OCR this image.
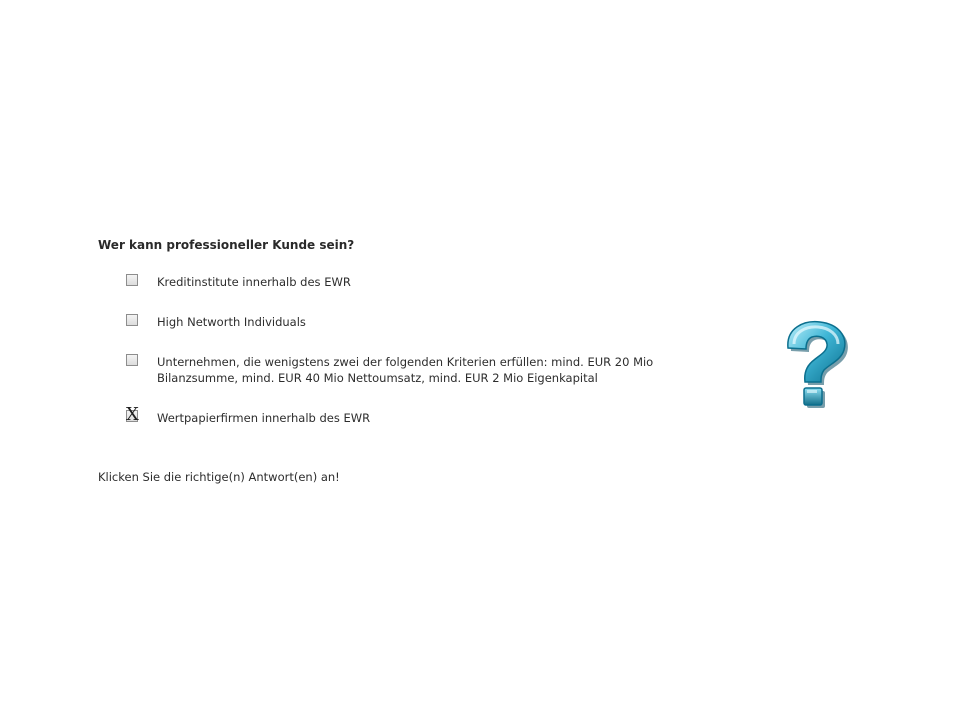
Wer kann professioneller Kunde sein?
Kreditinstitute innerhalb des EWR
High Networth Individuals
Unternehmen, die wenigstens zwei der folgenden Kriterien erfüllen: mind. EUR 20 Mio Bilanzsumme, mind. EUR 40 Mio Nettoumsatz, mind. EUR 2 Mio Eigenkapital
X Wertpapierfirmen innerhalb des EWR
Klicken Sie die richtige(n) Antwort(en) an!
